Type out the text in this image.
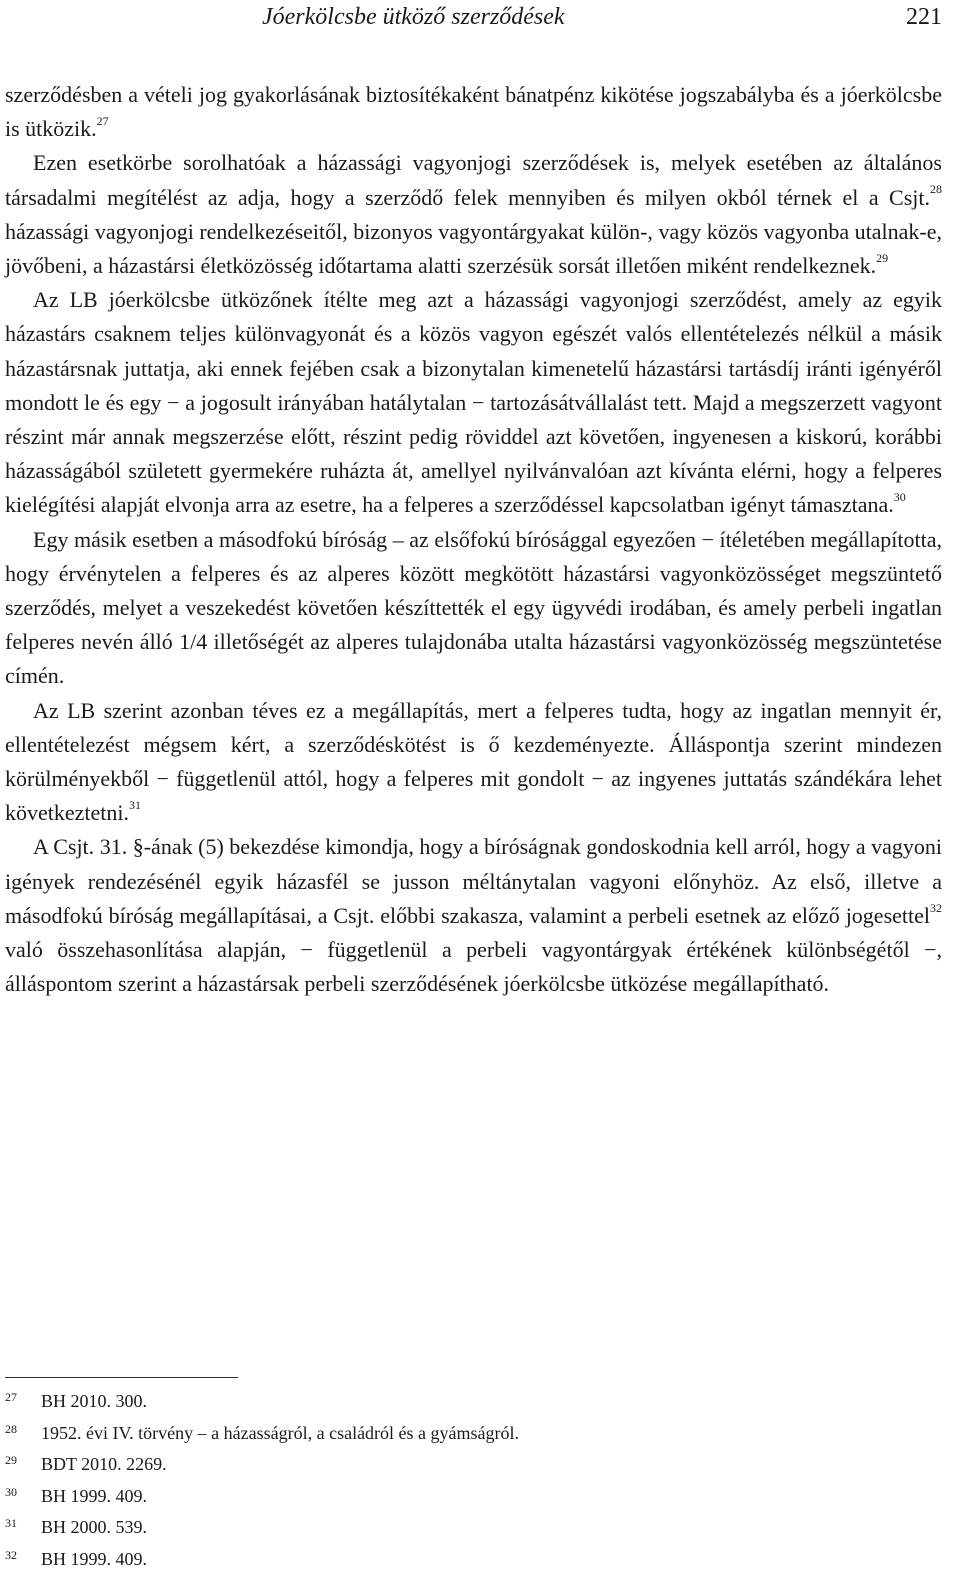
Jóerkölcsbe ütköző szerződések	221

szerződésben a vételi jog gyakorlásának biztosítékaként bánatpénz kikötése jogszabályba és a jóerkölcsbe is ütközik.$^{27}$

Ezen esetkörbe sorolhatóak a házassági vagyonjogi szerződések is, melyek esetében az általános társadalmi megítélést az adja, hogy a szerződő felek mennyiben és milyen okból térnek el a Csjt.$^{28}$ házassági vagyonjogi rendelkezéseitől, bizonyos vagyontárgyakat külön-, vagy közös vagyonba utalnak-e, jövőbeni, a házastársi életközösség időtartama alatti szerzésük sorsát illetően miként rendelkeznek.$^{29}$

Az LB jóerkölcsbe ütközőnek ítélte meg azt a házassági vagyonjogi szerződést, amely az egyik házastárs csaknem teljes különvagyonát és a közös vagyon egészét valós ellentételezés nélkül a másik házastársnak juttatja, aki ennek fejében csak a bizonytalan kimenetelű házastársi tartásdíj iránti igényéről mondott le és egy − a jogosult irányában hatálytalan − tartozásátvállalást tett. Majd a megszerzett vagyont részint már annak megszerzése előtt, részint pedig röviddel azt követően, ingyenesen a kiskorú, korábbi házasságából született gyermekére ruházta át, amellyel nyilvánvalóan azt kívánta elérni, hogy a felperes kielégítési alapját elvonja arra az esetre, ha a felperes a szerződéssel kapcsolatban igényt támasztana.$^{30}$

Egy másik esetben a másodfokú bíróság – az elsőfokú bírósággal egyezően − ítéletében megállapította, hogy érvénytelen a felperes és az alperes között megkötött házastársi vagyonközösséget megszüntető szerződés, melyet a veszekedést követően készíttették el egy ügyvédi irodában, és amely perbeli ingatlan felperes nevén álló 1/4 illetőségét az alperes tulajdonába utalta házastársi vagyonközösség megszüntetése címén.

Az LB szerint azonban téves ez a megállapítás, mert a felperes tudta, hogy az ingatlan mennyit ér, ellentételezést mégsem kért, a szerződéskötést is ő kezdeményezte. Álláspontja szerint mindezen körülményekből − függetlenül attól, hogy a felperes mit gondolt − az ingyenes juttatás szándékára lehet következtetni.$^{31}$

A Csjt. 31. §-ának (5) bekezdése kimondja, hogy a bíróságnak gondoskodnia kell arról, hogy a vagyoni igények rendezésénél egyik házasfél se jusson méltánytalan vagyoni előnyhöz. Az első, illetve a másodfokú bíróság megállapításai, a Csjt. előbbi szakasza, valamint a perbeli esetnek az előző jogesettel$^{32}$ való összehasonlítása alapján, − függetlenül a perbeli vagyontárgyak értékének különbségétől −, álláspontom szerint a házastársak perbeli szerződésének jóerkölcsbe ütközése megállapítható.

27	BH 2010. 300.
28	1952. évi IV. törvény – a házasságról, a családról és a gyámságról.
29	BDT 2010. 2269.
30	BH 1999. 409.
31	BH 2000. 539.
32	BH 1999. 409.
